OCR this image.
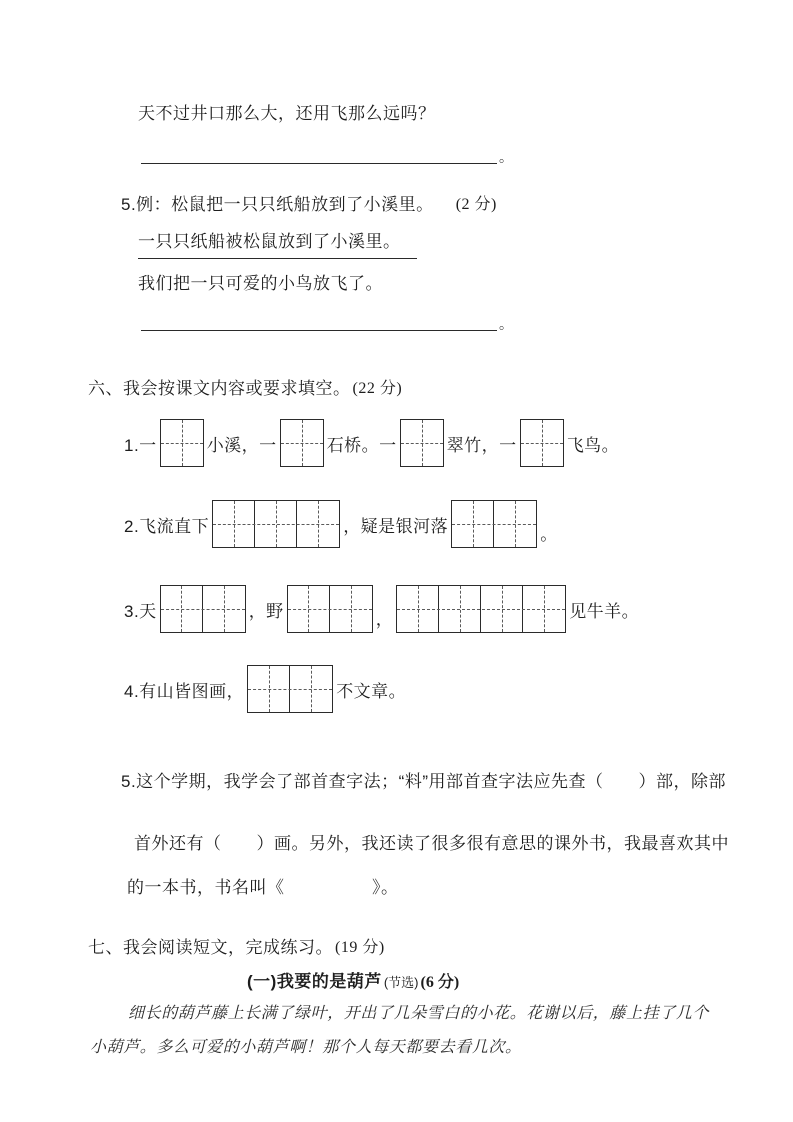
天不过井口那么大，还用飞那么远吗？
。
5.例：松鼠把一只只纸船放到了小溪里。 (2 分)
一只只纸船被松鼠放到了小溪里。
我们把一只可爱的小鸟放飞了。
。
六、我会按课文内容或要求填空。 (22 分)
1.一	小溪，一	石桥。一	翠竹，一	飞鸟。
2.飞流直下	，疑是银河落	。
3.天	，野	，	见牛羊。
4.有山皆图画，	不文章。
5.这个学期，我学会了部首查字法；“料”用部首查字法应先查（　　）部，除部
首外还有（　　）画。另外，我还读了很多很有意思的课外书，我最喜欢其中
的一本书，书名叫《　　　　　》。
七、我会阅读短文，完成练习。 (19 分)
(一) 我要的是葫芦 (节选) (6 分)
细长的葫芦藤上长满了绿叶，开出了几朵雪白的小花。花谢以后，藤上挂了几个小葫芦。多么可爱的小葫芦啊！那个人每天都要去看几次。
